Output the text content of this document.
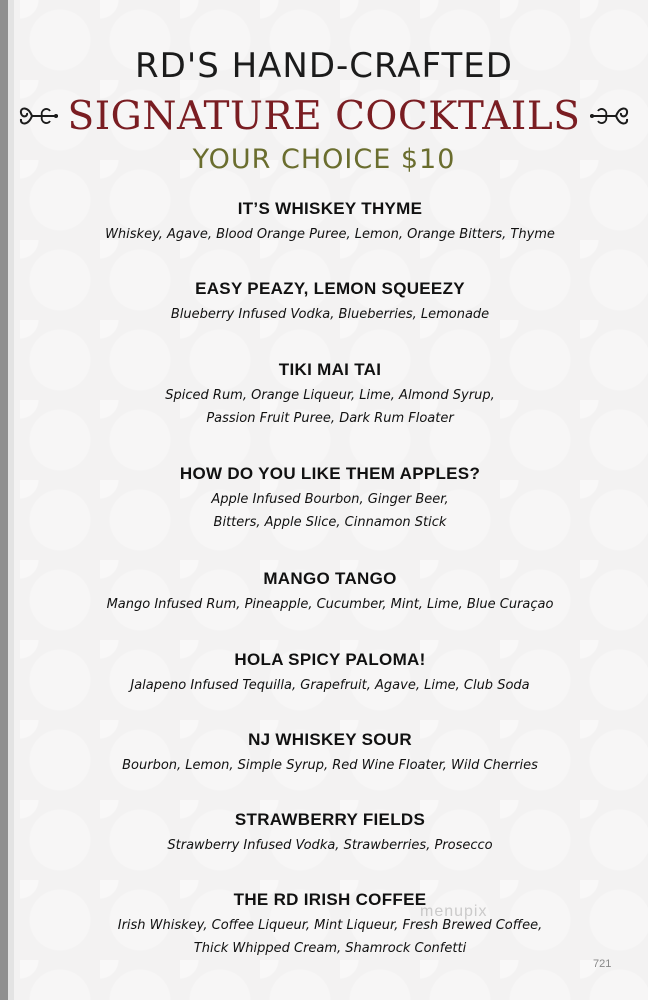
RD'S HAND-CRAFTED
SIGNATURE COCKTAILS
YOUR CHOICE $10
IT’S WHISKEY THYME
Whiskey, Agave, Blood Orange Puree, Lemon, Orange Bitters, Thyme
EASY PEAZY, LEMON SQUEEZY
Blueberry Infused Vodka, Blueberries, Lemonade
TIKI MAI TAI
Spiced Rum, Orange Liqueur, Lime, Almond Syrup,
Passion Fruit Puree, Dark Rum Floater
HOW DO YOU LIKE THEM APPLES?
Apple Infused Bourbon, Ginger Beer,
Bitters, Apple Slice, Cinnamon Stick
MANGO TANGO
Mango Infused Rum, Pineapple, Cucumber, Mint, Lime, Blue Curaçao
HOLA SPICY PALOMA!
Jalapeno Infused Tequilla, Grapefruit, Agave, Lime, Club Soda
NJ WHISKEY SOUR
Bourbon, Lemon, Simple Syrup, Red Wine Floater, Wild Cherries
STRAWBERRY FIELDS
Strawberry Infused Vodka, Strawberries, Prosecco
THE RD IRISH COFFEE
Irish Whiskey, Coffee Liqueur, Mint Liqueur, Fresh Brewed Coffee,
Thick Whipped Cream, Shamrock Confetti
menupix
721
